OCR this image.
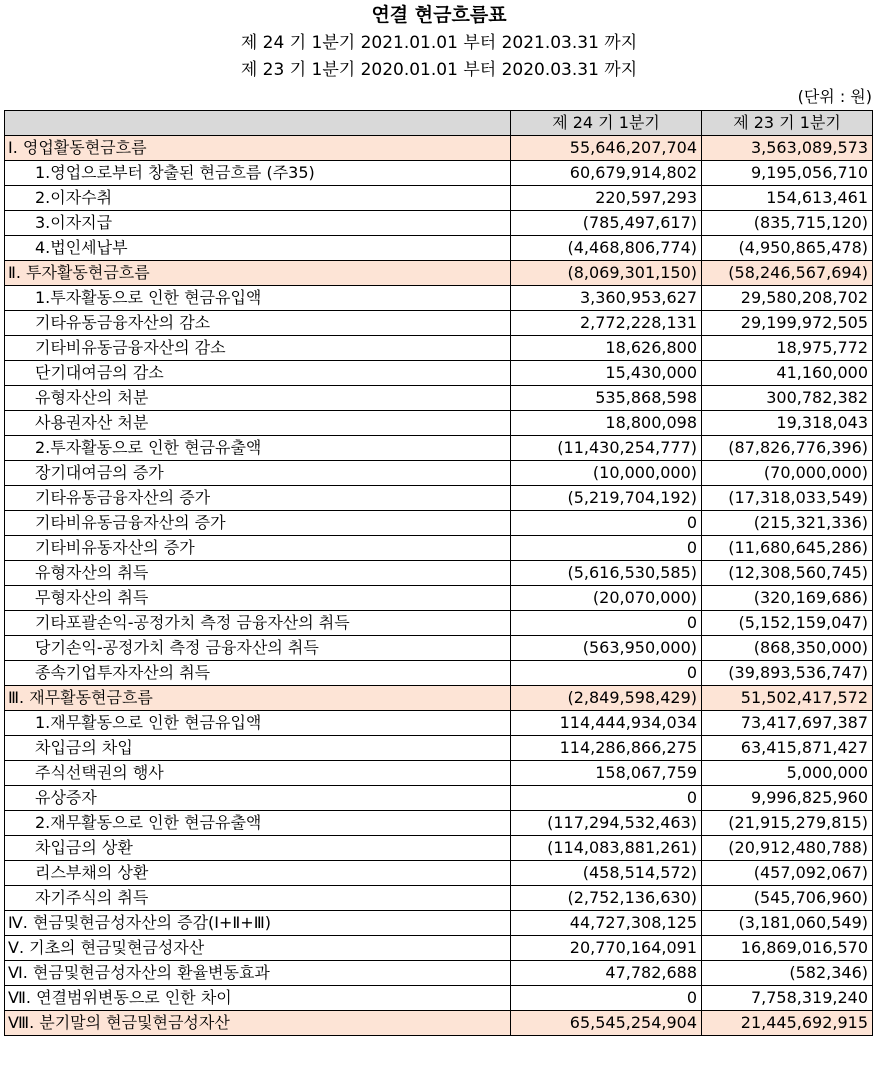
연결 현금흐름표
제 24 기 1분기 2021.01.01 부터 2021.03.31 까지
제 23 기 1분기 2020.01.01 부터 2020.03.31 까지
(단위 : 원)
	제 24 기 1분기	제 23 기 1분기
Ⅰ. 영업활동현금흐름	55,646,207,704	3,563,089,573
1.영업으로부터 창출된 현금흐름 (주35)	60,679,914,802	9,195,056,710
2.이자수취	220,597,293	154,613,461
3.이자지급	(785,497,617)	(835,715,120)
4.법인세납부	(4,468,806,774)	(4,950,865,478)
Ⅱ. 투자활동현금흐름	(8,069,301,150)	(58,246,567,694)
1.투자활동으로 인한 현금유입액	3,360,953,627	29,580,208,702
기타유동금융자산의 감소	2,772,228,131	29,199,972,505
기타비유동금융자산의 감소	18,626,800	18,975,772
단기대여금의 감소	15,430,000	41,160,000
유형자산의 처분	535,868,598	300,782,382
사용권자산 처분	18,800,098	19,318,043
2.투자활동으로 인한 현금유출액	(11,430,254,777)	(87,826,776,396)
장기대여금의 증가	(10,000,000)	(70,000,000)
기타유동금융자산의 증가	(5,219,704,192)	(17,318,033,549)
기타비유동금융자산의 증가	0	(215,321,336)
기타비유동자산의 증가	0	(11,680,645,286)
유형자산의 취득	(5,616,530,585)	(12,308,560,745)
무형자산의 취득	(20,070,000)	(320,169,686)
기타포괄손익-공정가치 측정 금융자산의 취득	0	(5,152,159,047)
당기손익-공정가치 측정 금융자산의 취득	(563,950,000)	(868,350,000)
종속기업투자자산의 취득	0	(39,893,536,747)
Ⅲ. 재무활동현금흐름	(2,849,598,429)	51,502,417,572
1.재무활동으로 인한 현금유입액	114,444,934,034	73,417,697,387
차입금의 차입	114,286,866,275	63,415,871,427
주식선택권의 행사	158,067,759	5,000,000
유상증자	0	9,996,825,960
2.재무활동으로 인한 현금유출액	(117,294,532,463)	(21,915,279,815)
차입금의 상환	(114,083,881,261)	(20,912,480,788)
리스부채의 상환	(458,514,572)	(457,092,067)
자기주식의 취득	(2,752,136,630)	(545,706,960)
Ⅳ. 현금및현금성자산의 증감(Ⅰ+Ⅱ+Ⅲ)	44,727,308,125	(3,181,060,549)
Ⅴ. 기초의 현금및현금성자산	20,770,164,091	16,869,016,570
Ⅵ. 현금및현금성자산의 환율변동효과	47,782,688	(582,346)
Ⅶ. 연결범위변동으로 인한 차이	0	7,758,319,240
Ⅷ. 분기말의 현금및현금성자산	65,545,254,904	21,445,692,915
